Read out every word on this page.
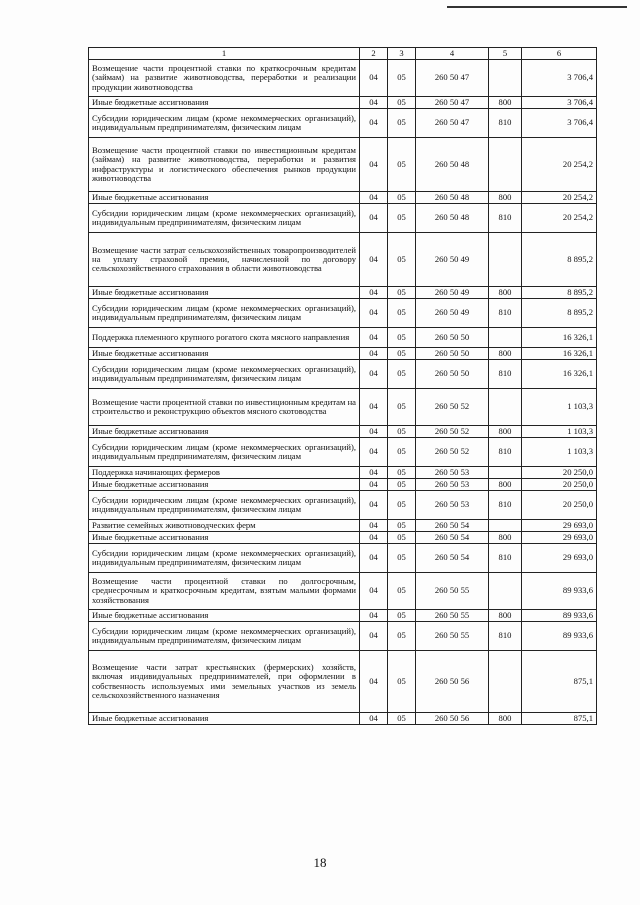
1	2	3	4	5	6
Возмещение части процентной ставки по краткосрочным кредитам (займам) на развитие животноводства, переработки и реализации продукции животноводства	04	05	260 50 47		3 706,4
Иные бюджетные ассигнования	04	05	260 50 47	800	3 706,4
Субсидии юридическим лицам (кроме некоммерческих организаций), индивидуальным предпринимателям, физическим лицам	04	05	260 50 47	810	3 706,4
Возмещение части процентной ставки по инвестиционным кредитам (займам) на развитие животноводства, переработки и развития инфраструктуры и логистического обеспечения рынков продукции животноводства	04	05	260 50 48		20 254,2
Иные бюджетные ассигнования	04	05	260 50 48	800	20 254,2
Субсидии юридическим лицам (кроме некоммерческих организаций), индивидуальным предпринимателям, физическим лицам	04	05	260 50 48	810	20 254,2
Возмещение части затрат сельскохозяйственных товаропроизводителей на уплату страховой премии, начисленной по договору сельскохозяйственного страхования в области животноводства	04	05	260 50 49		8 895,2
Иные бюджетные ассигнования	04	05	260 50 49	800	8 895,2
Субсидии юридическим лицам (кроме некоммерческих организаций), индивидуальным предпринимателям, физическим лицам	04	05	260 50 49	810	8 895,2
Поддержка племенного крупного рогатого скота мясного направления	04	05	260 50 50		16 326,1
Иные бюджетные ассигнования	04	05	260 50 50	800	16 326,1
Субсидии юридическим лицам (кроме некоммерческих организаций), индивидуальным предпринимателям, физическим лицам	04	05	260 50 50	810	16 326,1
Возмещение части процентной ставки по инвестиционным кредитам на строительство и реконструкцию объектов мясного скотоводства	04	05	260 50 52		1 103,3
Иные бюджетные ассигнования	04	05	260 50 52	800	1 103,3
Субсидии юридическим лицам (кроме некоммерческих организаций), индивидуальным предпринимателям, физическим лицам	04	05	260 50 52	810	1 103,3
Поддержка начинающих фермеров	04	05	260 50 53		20 250,0
Иные бюджетные ассигнования	04	05	260 50 53	800	20 250,0
Субсидии юридическим лицам (кроме некоммерческих организаций), индивидуальным предпринимателям, физическим лицам	04	05	260 50 53	810	20 250,0
Развитие семейных животноводческих ферм	04	05	260 50 54		29 693,0
Иные бюджетные ассигнования	04	05	260 50 54	800	29 693,0
Субсидии юридическим лицам (кроме некоммерческих организаций), индивидуальным предпринимателям, физическим лицам	04	05	260 50 54	810	29 693,0
Возмещение части процентной ставки по долгосрочным, среднесрочным и краткосрочным кредитам, взятым малыми формами хозяйствования	04	05	260 50 55		89 933,6
Иные бюджетные ассигнования	04	05	260 50 55	800	89 933,6
Субсидии юридическим лицам (кроме некоммерческих организаций), индивидуальным предпринимателям, физическим лицам	04	05	260 50 55	810	89 933,6
Возмещение части затрат крестьянских (фермерских) хозяйств, включая индивидуальных предпринимателей, при оформлении в собственность используемых ими земельных участков из земель сельскохозяйственного назначения	04	05	260 50 56		875,1
Иные бюджетные ассигнования	04	05	260 50 56	800	875,1
18
